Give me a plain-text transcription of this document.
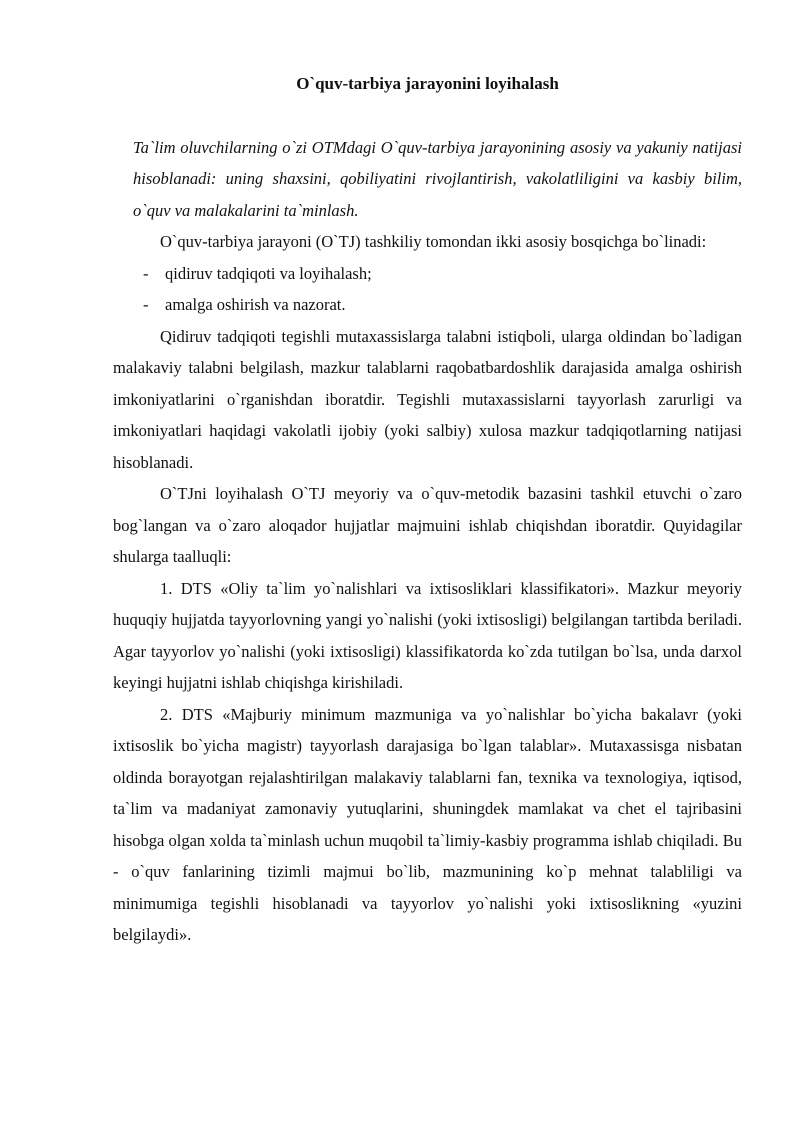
O`quv-tarbiya jarayonini loyihalash

Ta`lim oluvchilarning o`zi OTMdagi O`quv-tarbiya jarayonining asosiy va yakuniy natijasi hisoblanadi: uning shaxsini, qobiliyatini rivojlantirish, vakolatliligini va kasbiy bilim, o`quv va malakalarini ta`minlash.

O`quv-tarbiya jarayoni (O`TJ) tashkiliy tomondan ikki asosiy bosqichga bo`linadi:

- qidiruv tadqiqoti va loyihalash;
- amalga oshirish va nazorat.

Qidiruv tadqiqoti tegishli mutaxassislarga talabni istiqboli, ularga oldindan bo`ladigan malakaviy talabni belgilash, mazkur talablarni raqobatbardoshlik darajasida amalga oshirish imkoniyatlarini o`rganishdan iboratdir. Tegishli mutaxassislarni tayyorlash zarurligi va imkoniyatlari haqidagi vakolatli ijobiy (yoki salbiy) xulosa mazkur tadqiqotlarning natijasi hisoblanadi.

O`TJni loyihalash O`TJ meyoriy va o`quv-metodik bazasini tashkil etuvchi o`zaro bog`langan va o`zaro aloqador hujjatlar majmuini ishlab chiqishdan iboratdir. Quyidagilar shularga taalluqli:

1. DTS «Oliy ta`lim yo`nalishlari va ixtisosliklari klassifikatori». Mazkur meyoriy huquqiy hujjatda tayyorlovning yangi yo`nalishi (yoki ixtisosligi) belgilangan tartibda beriladi. Agar tayyorlov yo`nalishi (yoki ixtisosligi) klassifikatorda ko`zda tutilgan bo`lsa, unda darxol keyingi hujjatni ishlab chiqishga kirishiladi.

2. DTS «Majburiy minimum mazmuniga va yo`nalishlar bo`yicha bakalavr (yoki ixtisoslik bo`yicha magistr) tayyorlash darajasiga bo`lgan talablar». Mutaxassisga nisbatan oldinda borayotgan rejalashtirilgan malakaviy talablarni fan, texnika va texnologiya, iqtisod, ta`lim va madaniyat zamonaviy yutuqlarini, shuningdek mamlakat va chet el tajribasini hisobga olgan xolda ta`minlash uchun muqobil ta`limiy-kasbiy programma ishlab chiqiladi. Bu - o`quv fanlarining tizimli majmui bo`lib, mazmunining ko`p mehnat talabliligi va minimumiga tegishli hisoblanadi va tayyorlov yo`nalishi yoki ixtisoslikning «yuzini belgilaydi».
